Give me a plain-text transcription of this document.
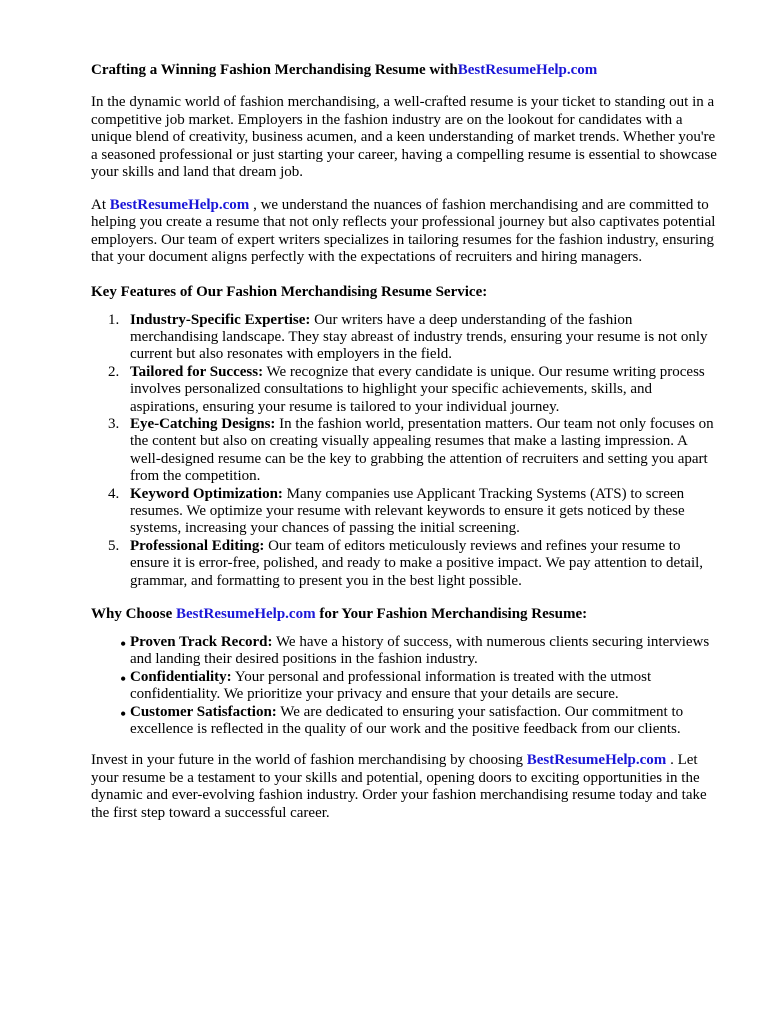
Crafting a Winning Fashion Merchandising Resume withBestResumeHelp.com

In the dynamic world of fashion merchandising, a well-crafted resume is your ticket to standing out in a competitive job market. Employers in the fashion industry are on the lookout for candidates with a unique blend of creativity, business acumen, and a keen understanding of market trends. Whether you're a seasoned professional or just starting your career, having a compelling resume is essential to showcase your skills and land that dream job.

At BestResumeHelp.com , we understand the nuances of fashion merchandising and are committed to helping you create a resume that not only reflects your professional journey but also captivates potential employers. Our team of expert writers specializes in tailoring resumes for the fashion industry, ensuring that your document aligns perfectly with the expectations of recruiters and hiring managers.

Key Features of Our Fashion Merchandising Resume Service:
1. Industry-Specific Expertise: Our writers have a deep understanding of the fashion merchandising landscape. They stay abreast of industry trends, ensuring your resume is not only current but also resonates with employers in the field.
2. Tailored for Success: We recognize that every candidate is unique. Our resume writing process involves personalized consultations to highlight your specific achievements, skills, and aspirations, ensuring your resume is tailored to your individual journey.
3. Eye-Catching Designs: In the fashion world, presentation matters. Our team not only focuses on the content but also on creating visually appealing resumes that make a lasting impression. A well-designed resume can be the key to grabbing the attention of recruiters and setting you apart from the competition.
4. Keyword Optimization: Many companies use Applicant Tracking Systems (ATS) to screen resumes. We optimize your resume with relevant keywords to ensure it gets noticed by these systems, increasing your chances of passing the initial screening.
5. Professional Editing: Our team of editors meticulously reviews and refines your resume to ensure it is error-free, polished, and ready to make a positive impact. We pay attention to detail, grammar, and formatting to present you in the best light possible.
Why Choose BestResumeHelp.com for Your Fashion Merchandising Resume:
• Proven Track Record: We have a history of success, with numerous clients securing interviews and landing their desired positions in the fashion industry.
• Confidentiality: Your personal and professional information is treated with the utmost confidentiality. We prioritize your privacy and ensure that your details are secure.
• Customer Satisfaction: We are dedicated to ensuring your satisfaction. Our commitment to excellence is reflected in the quality of our work and the positive feedback from our clients.

Invest in your future in the world of fashion merchandising by choosing BestResumeHelp.com . Let your resume be a testament to your skills and potential, opening doors to exciting opportunities in the dynamic and ever-evolving fashion industry. Order your fashion merchandising resume today and take the first step toward a successful career.
